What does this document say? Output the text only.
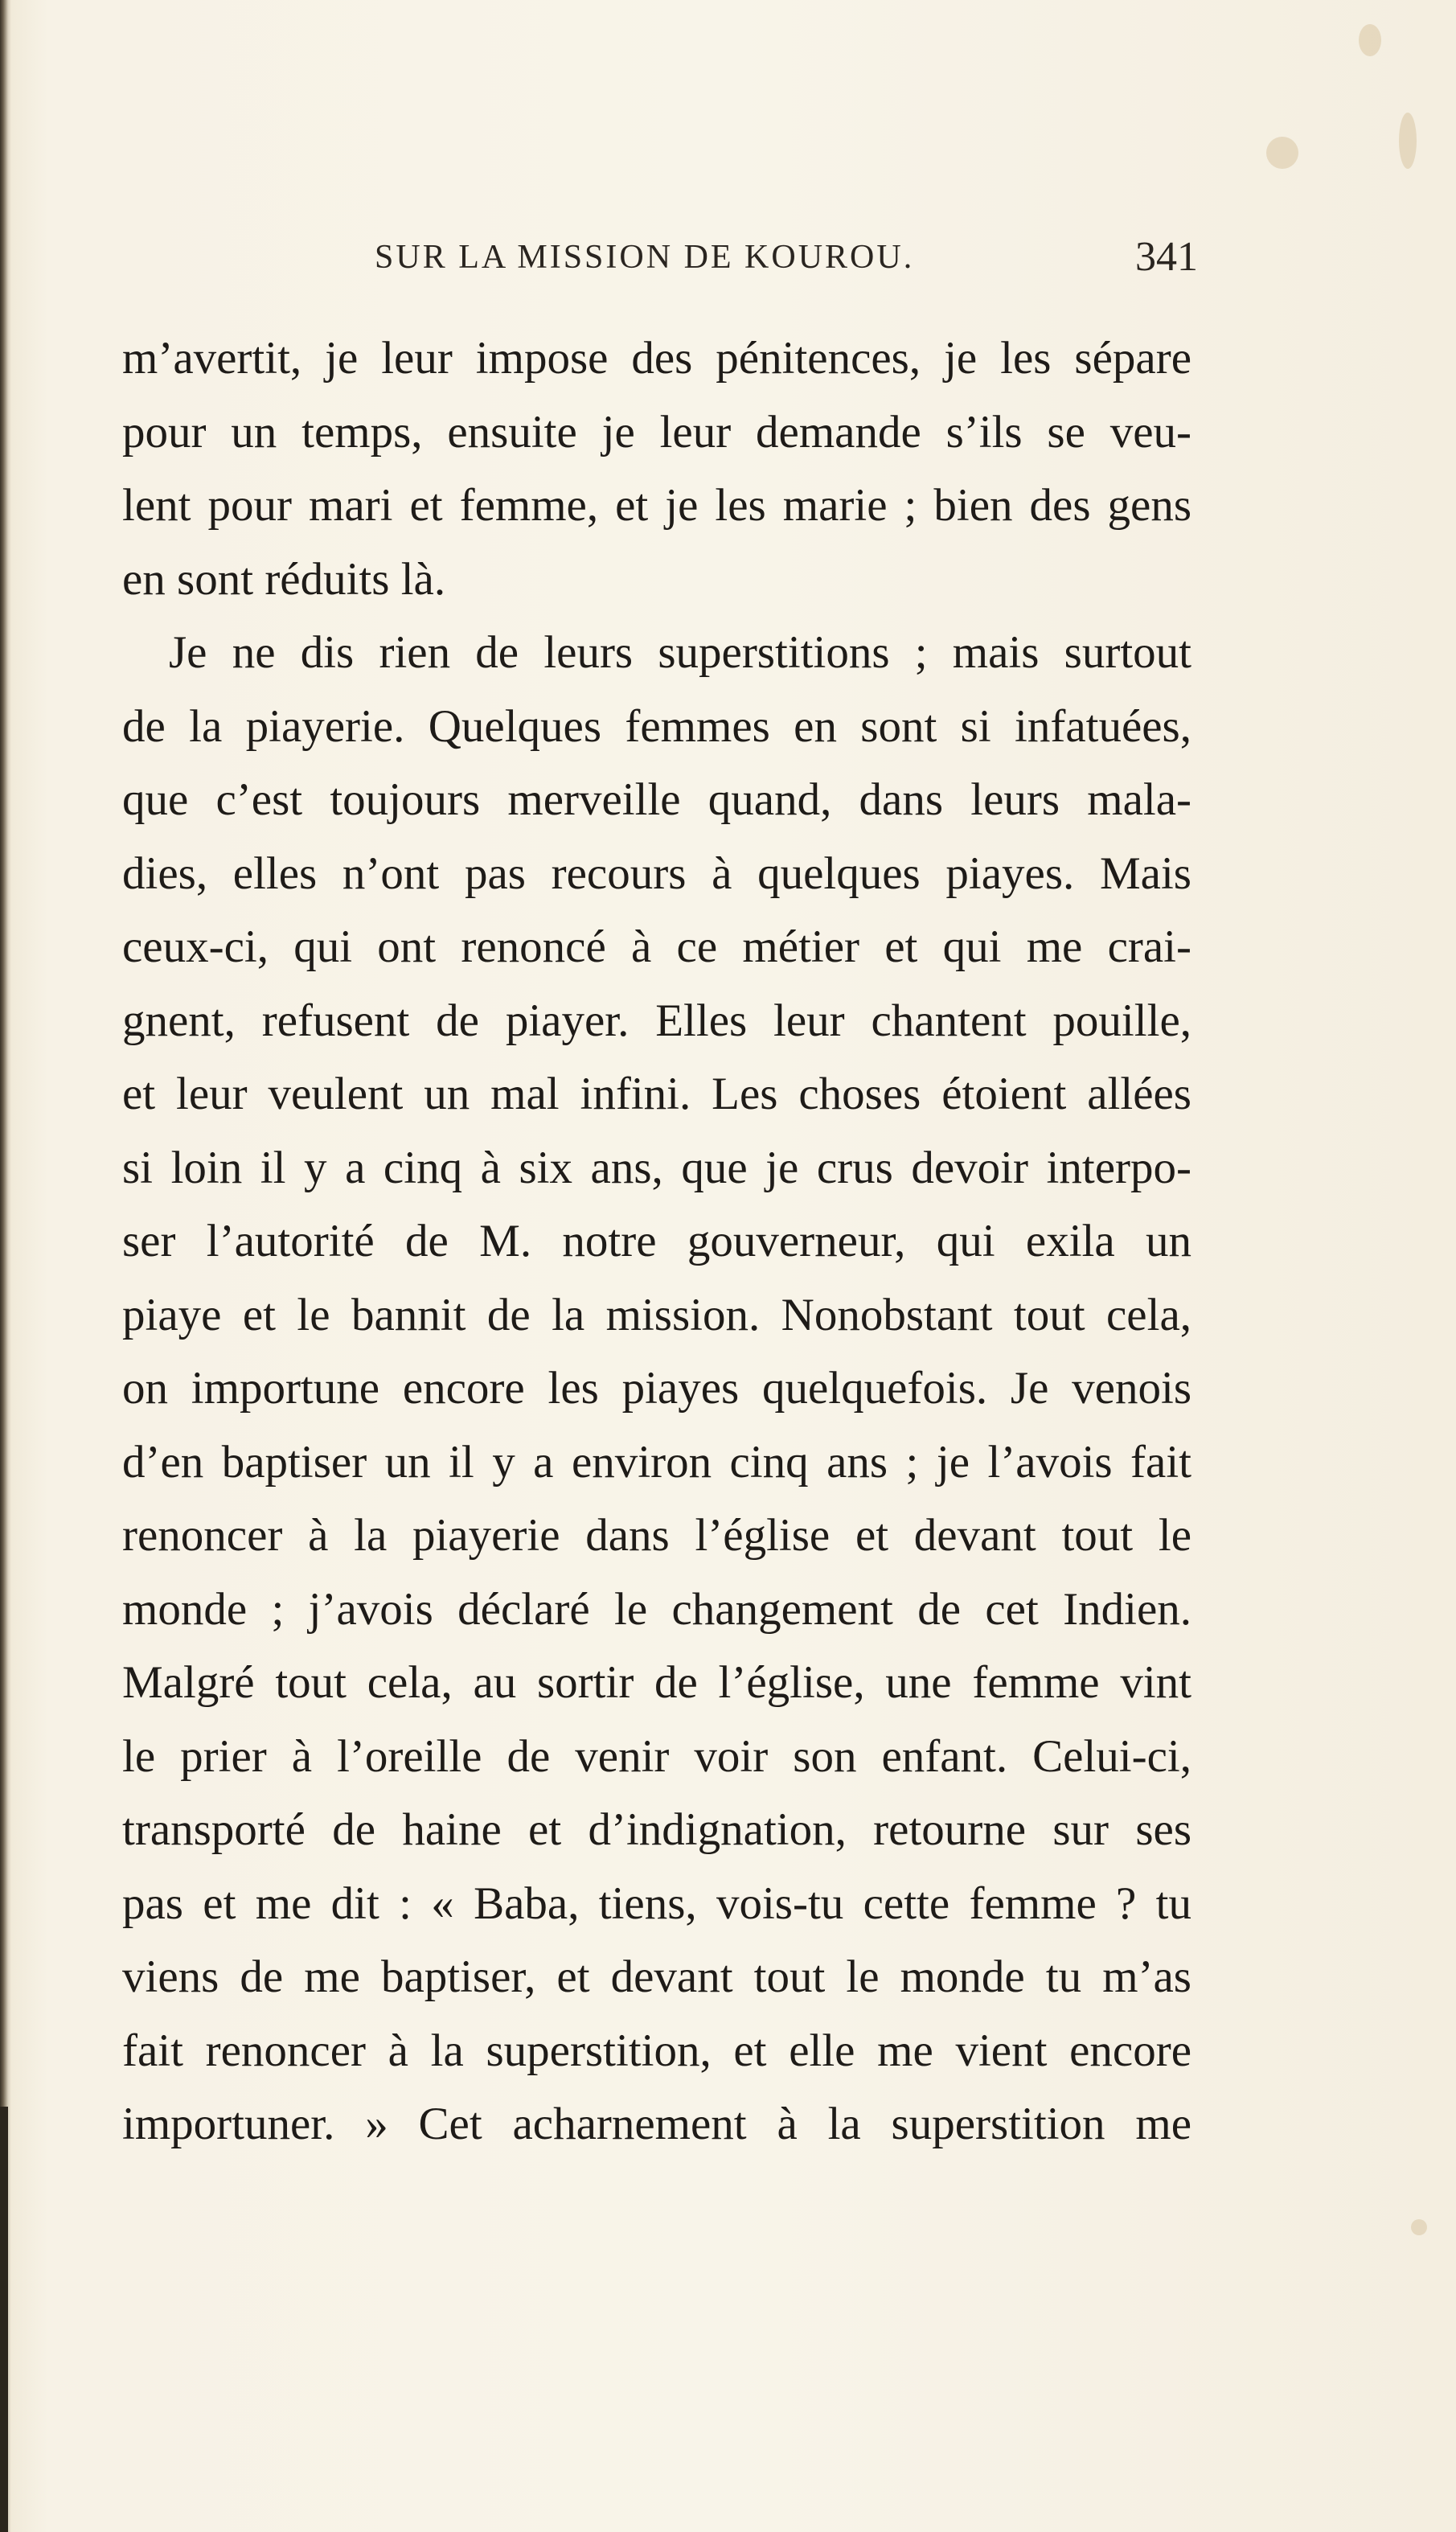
SUR LA MISSION DE KOUROU.	341
m’avertit, je leur impose des pénitences, je les sépare
pour un temps, ensuite je leur demande s’ils se veu-
lent pour mari et femme, et je les marie ; bien des gens
en sont réduits là.
Je ne dis rien de leurs superstitions ; mais surtout
de la piayerie. Quelques femmes en sont si infatuées,
que c’est toujours merveille quand, dans leurs mala-
dies, elles n’ont pas recours à quelques piayes. Mais
ceux-ci, qui ont renoncé à ce métier et qui me crai-
gnent, refusent de piayer. Elles leur chantent pouille,
et leur veulent un mal infini. Les choses étoient allées
si loin il y a cinq à six ans, que je crus devoir interpo-
ser l’autorité de M. notre gouverneur, qui exila un
piaye et le bannit de la mission. Nonobstant tout cela,
on importune encore les piayes quelquefois. Je venois
d’en baptiser un il y a environ cinq ans ; je l’avois fait
renoncer à la piayerie dans l’église et devant tout le
monde ; j’avois déclaré le changement de cet Indien.
Malgré tout cela, au sortir de l’église, une femme vint
le prier à l’oreille de venir voir son enfant. Celui-ci,
transporté de haine et d’indignation, retourne sur ses
pas et me dit : « Baba, tiens, vois-tu cette femme ? tu
viens de me baptiser, et devant tout le monde tu m’as
fait renoncer à la superstition, et elle me vient encore
importuner. » Cet acharnement à la superstition me
